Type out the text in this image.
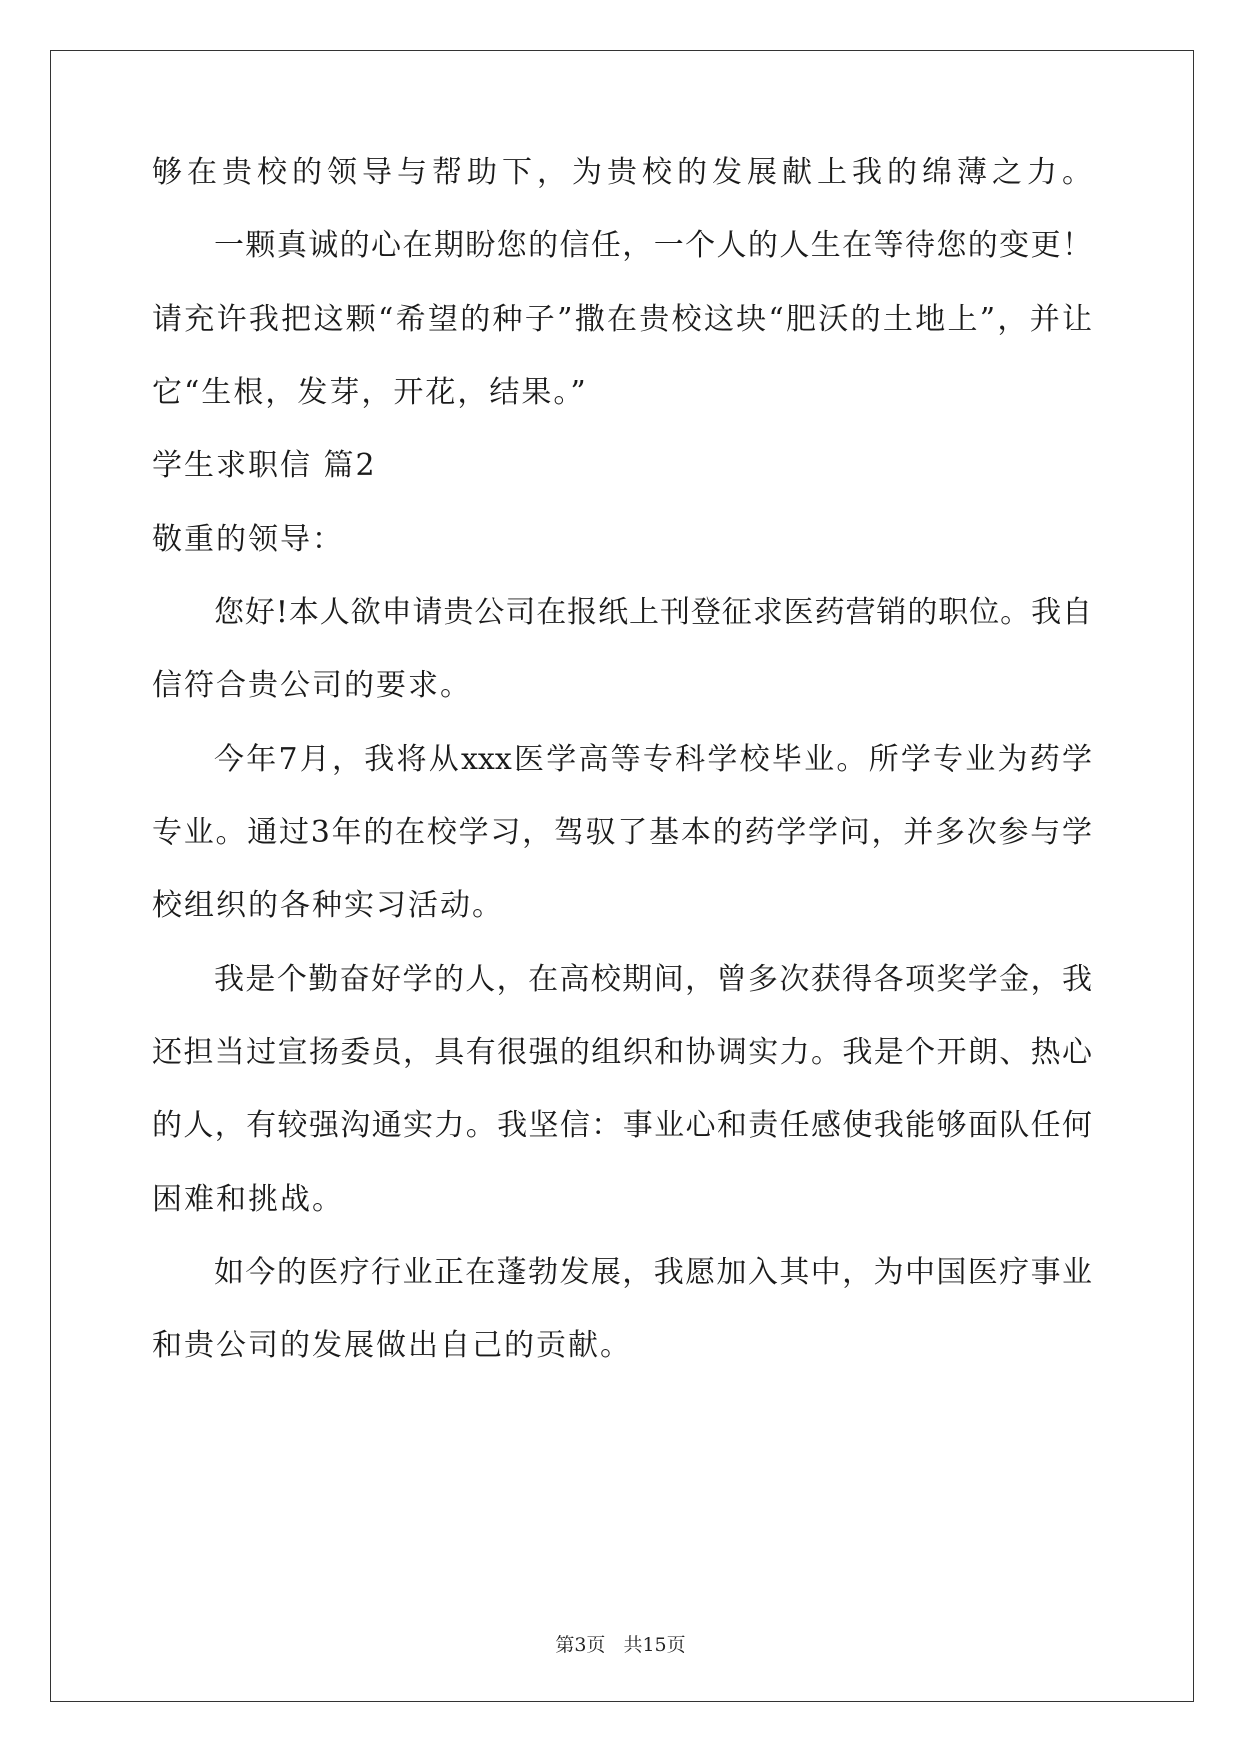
够在贵校的领导与帮助下，为贵校的发展献上我的绵薄之力。
一颗真诚的心在期盼您的信任，一个人的人生在等待您的变更！
请充许我把这颗“希望的种子”撒在贵校这块“肥沃的土地上”，并让
它“生根，发芽，开花，结果。”
学生求职信 篇2
敬重的领导：
您好!本人欲申请贵公司在报纸上刊登征求医药营销的职位。我自
信符合贵公司的要求。
今年7月，我将从xxx医学高等专科学校毕业。所学专业为药学
专业。通过3年的在校学习，驾驭了基本的药学学问，并多次参与学
校组织的各种实习活动。
我是个勤奋好学的人，在高校期间，曾多次获得各项奖学金，我
还担当过宣扬委员，具有很强的组织和协调实力。我是个开朗、热心
的人，有较强沟通实力。我坚信：事业心和责任感使我能够面队任何
困难和挑战。
如今的医疗行业正在蓬勃发展，我愿加入其中，为中国医疗事业
和贵公司的发展做出自己的贡献。
第3页 共15页
